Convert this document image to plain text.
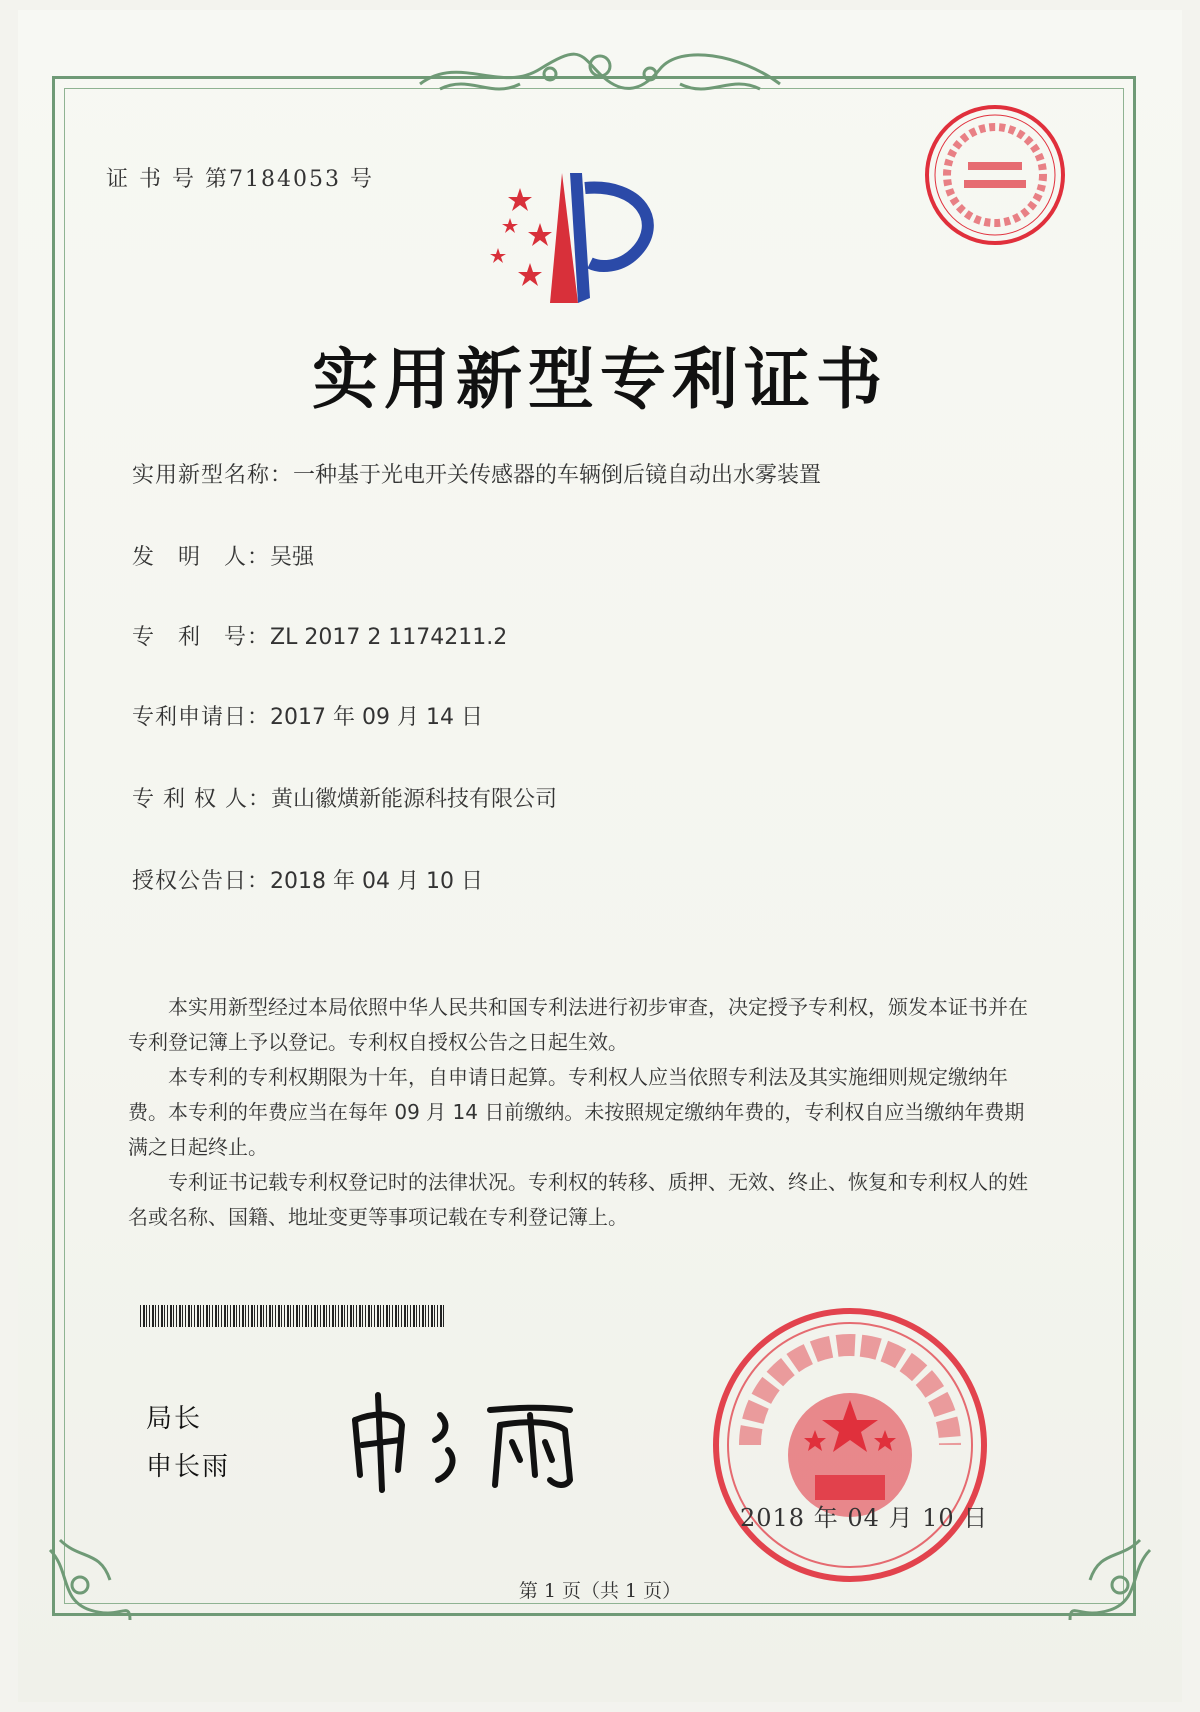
证 书 号 第7184053 号
实用新型专利证书
实用新型名称：一种基于光电开关传感器的车辆倒后镜自动出水雾装置
发　明　人：吴强
专　利　号：ZL 2017 2 1174211.2
专利申请日：2017 年 09 月 14 日
专 利 权 人：黄山徽熿新能源科技有限公司
授权公告日：2018 年 04 月 10 日

本实用新型经过本局依照中华人民共和国专利法进行初步审查，决定授予专利权，颁发本证书并在专利登记簿上予以登记。专利权自授权公告之日起生效。

本专利的专利权期限为十年，自申请日起算。专利权人应当依照专利法及其实施细则规定缴纳年费。本专利的年费应当在每年 09 月 14 日前缴纳。未按照规定缴纳年费的，专利权自应当缴纳年费期满之日起终止。

专利证书记载专利权登记时的法律状况。专利权的转移、质押、无效、终止、恢复和专利权人的姓名或名称、国籍、地址变更等事项记载在专利登记簿上。

局长
申长雨
2018 年 04 月 10 日
第 1 页（共 1 页）
